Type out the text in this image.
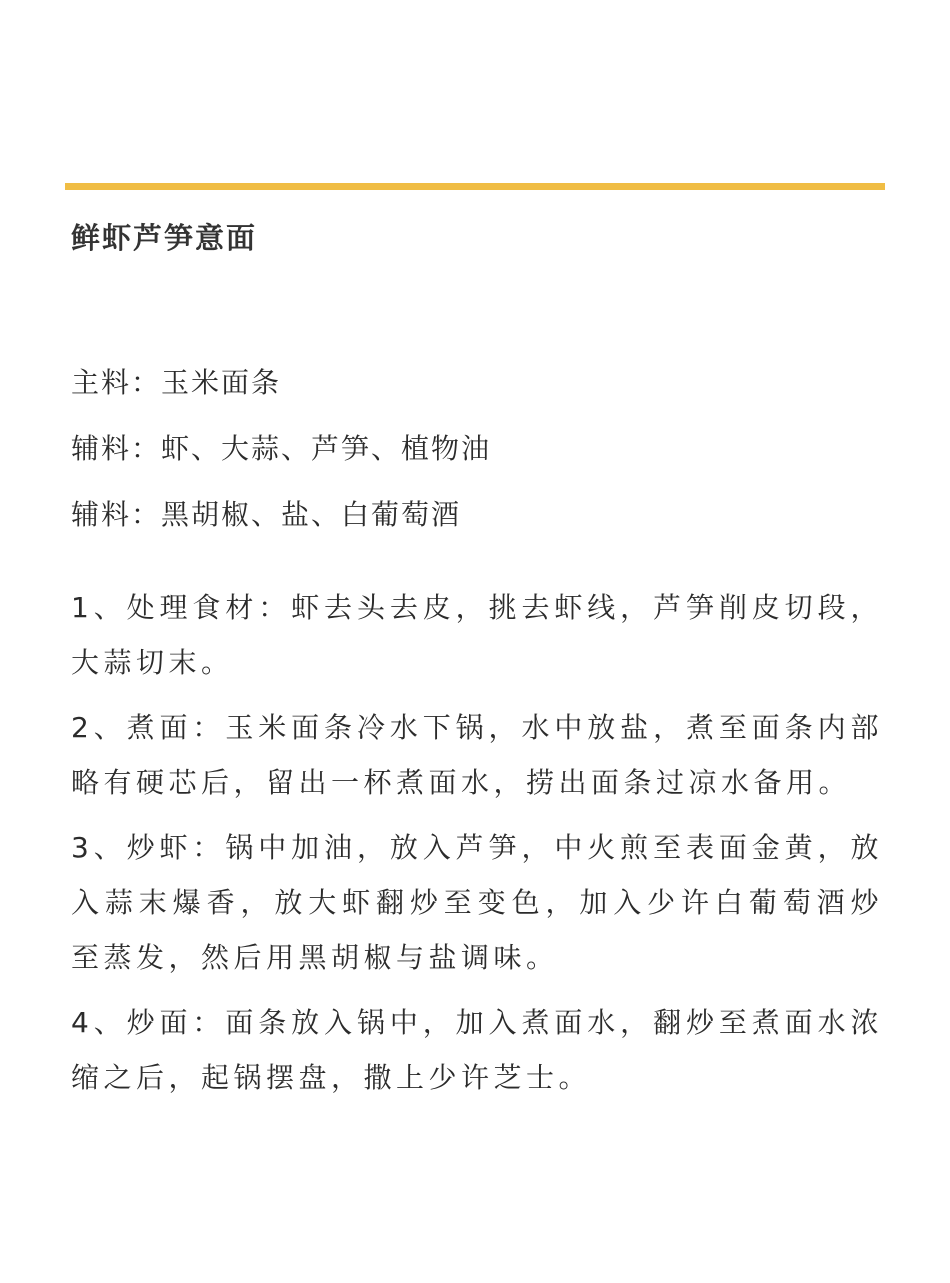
鲜虾芦笋意面

主料：玉米面条

辅料：虾、大蒜、芦笋、植物油

辅料：黑胡椒、盐、白葡萄酒

1、处理食材：虾去头去皮，挑去虾线，芦笋削皮切段，大蒜切末。

2、煮面：玉米面条冷水下锅，水中放盐，煮至面条内部略有硬芯后，留出一杯煮面水，捞出面条过凉水备用。

3、炒虾：锅中加油，放入芦笋，中火煎至表面金黄，放入蒜末爆香，放大虾翻炒至变色，加入少许白葡萄酒炒至蒸发，然后用黑胡椒与盐调味。

4、炒面：面条放入锅中，加入煮面水，翻炒至煮面水浓缩之后，起锅摆盘，撒上少许芝士。
